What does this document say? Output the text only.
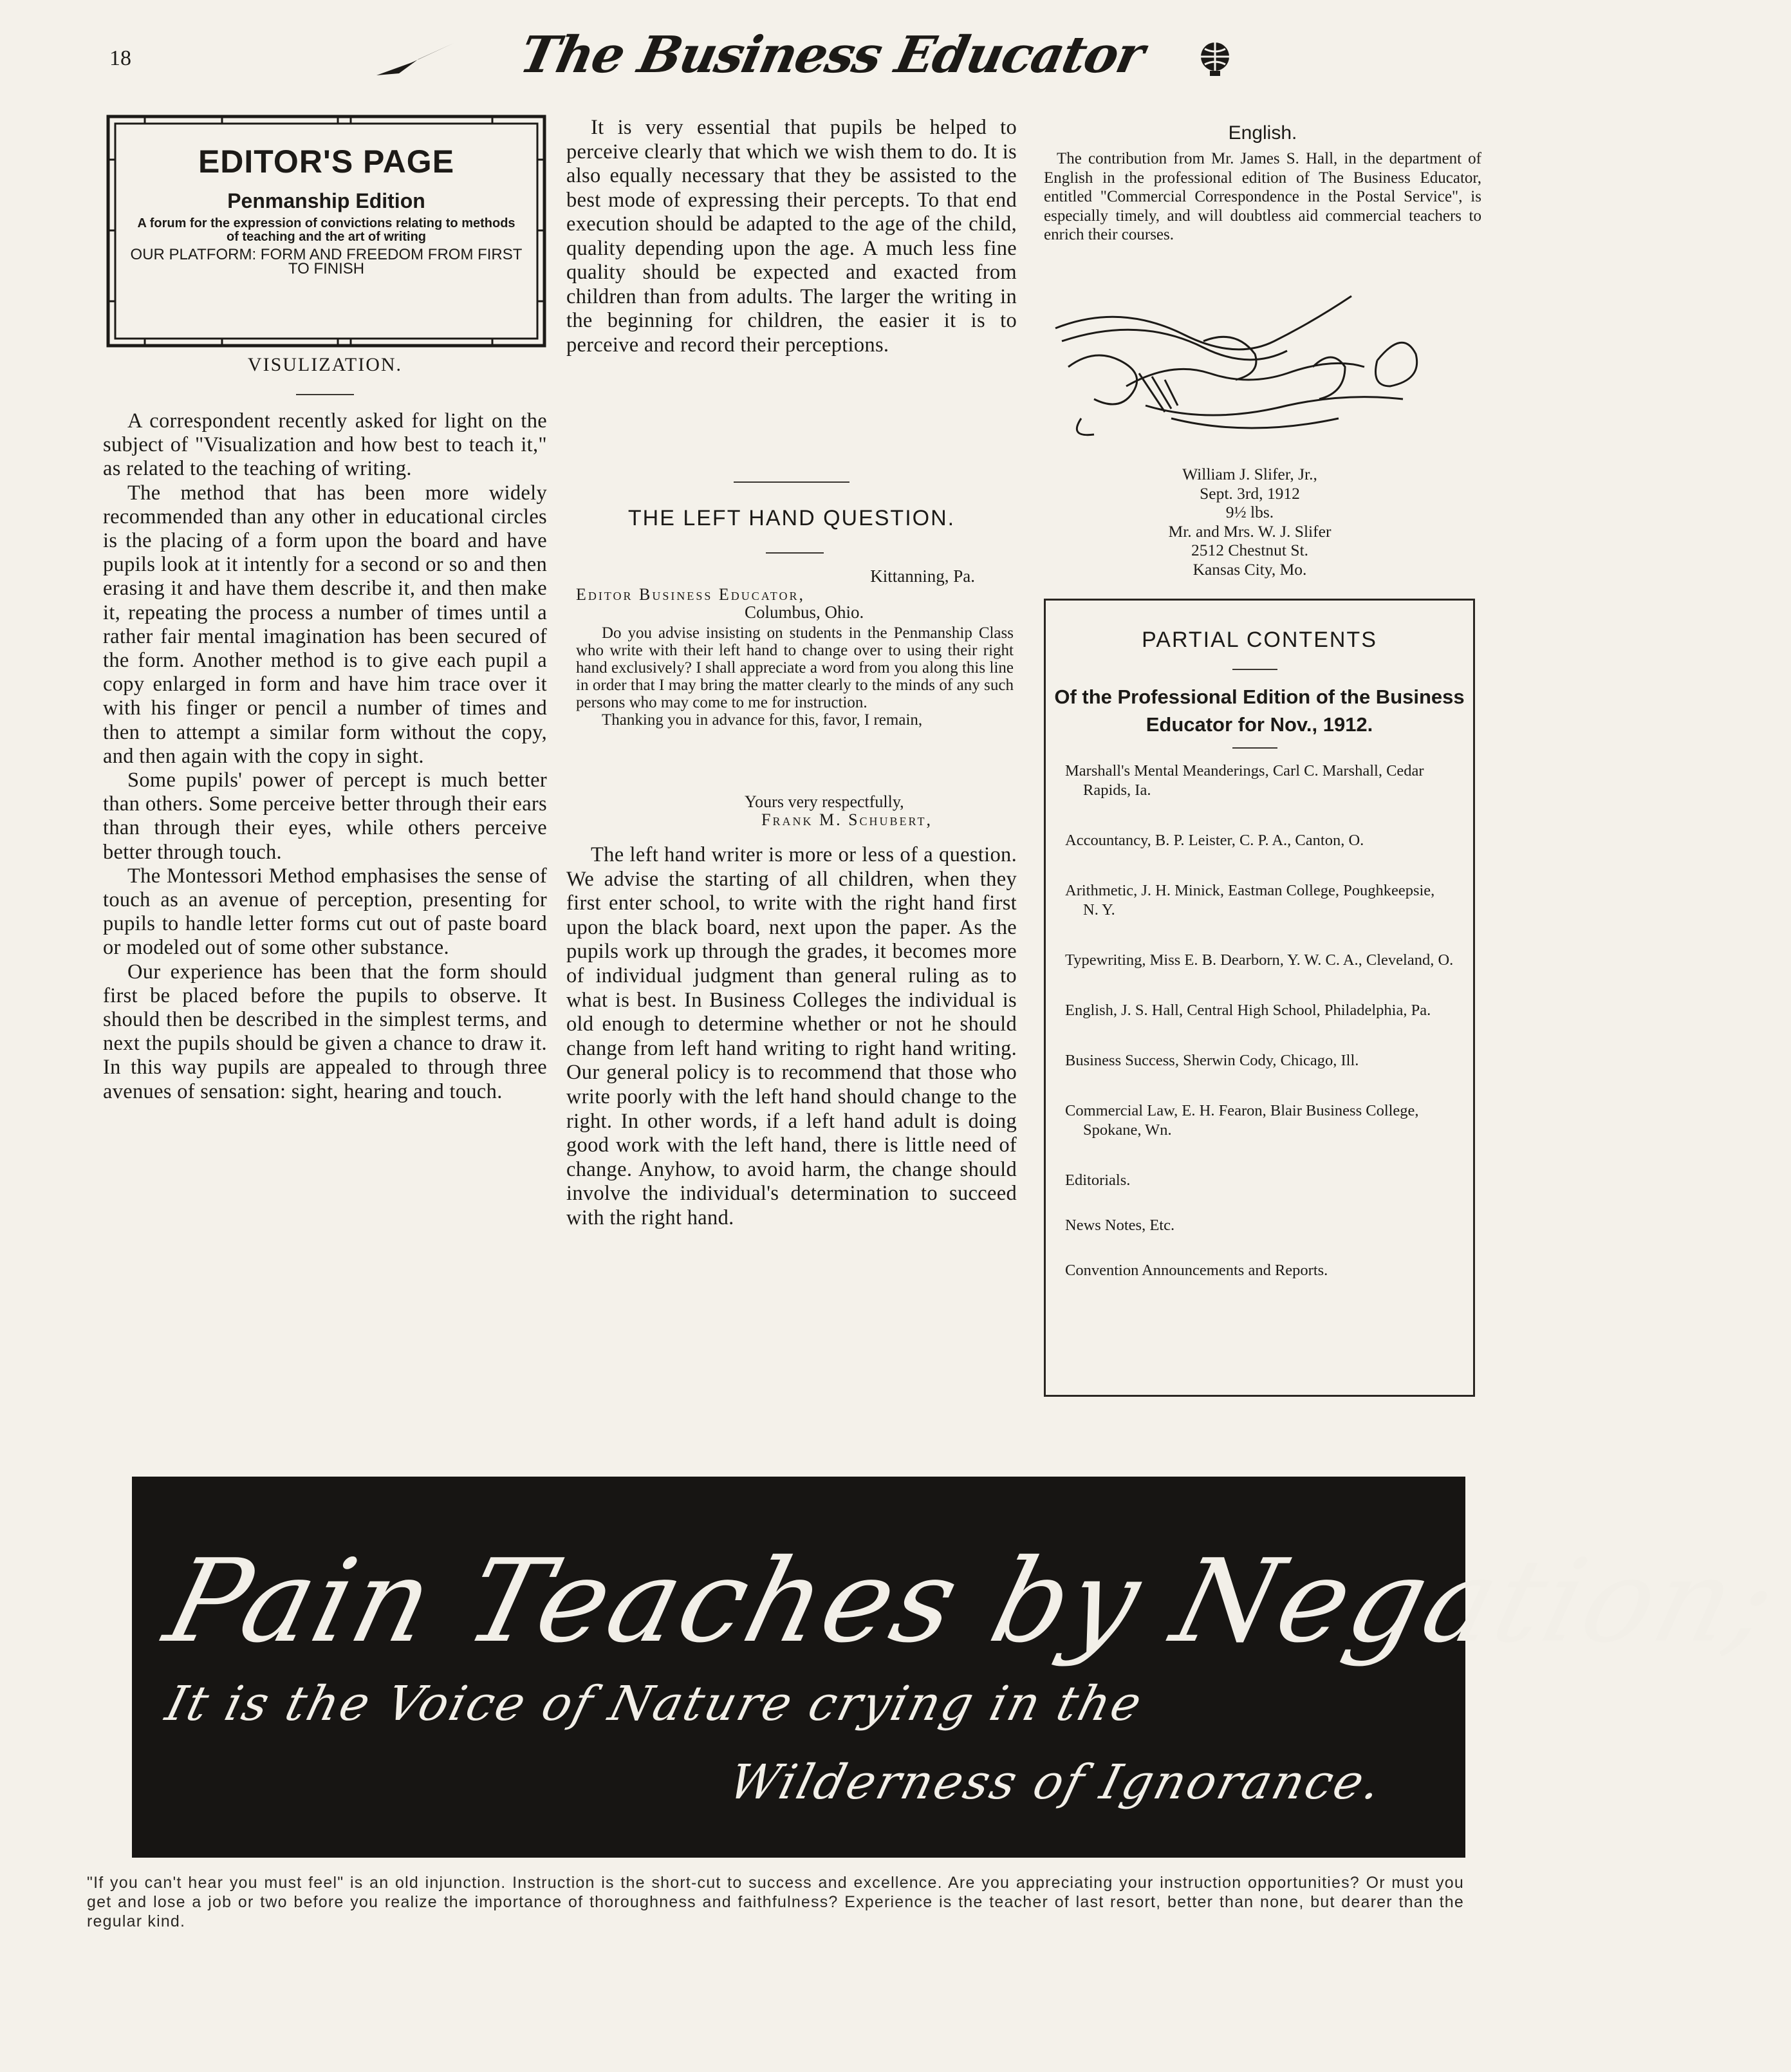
18	The Business Educator
EDITOR'S PAGE
Penmanship Edition
A forum for the expression of convictions relating to methods of teaching and the art of writing
OUR PLATFORM: FORM AND FREEDOM FROM FIRST TO FINISH
VISULIZATION.

A correspondent recently asked for light on the subject of "Visualization and how best to teach it," as related to the teaching of writing.

The method that has been more widely recommended than any other in educational circles is the placing of a form upon the board and have pupils look at it intently for a second or so and then erasing it and have them describe it, and then make it, repeating the process a number of times until a rather fair mental imagination has been secured of the form. Another method is to give each pupil a copy enlarged in form and have him trace over it with his finger or pencil a number of times and then to attempt a similar form without the copy, and then again with the copy in sight.

Some pupils' power of percept is much better than others. Some perceive better through their ears than through their eyes, while others perceive better through touch.

The Montessori Method emphasises the sense of touch as an avenue of perception, presenting for pupils to handle letter forms cut out of paste board or modeled out of some other substance.

Our experience has been that the form should first be placed before the pupils to observe. It should then be described in the simplest terms, and next the pupils should be given a chance to draw it. In this way pupils are appealed to through three avenues of sensation: sight, hearing and touch.

It is very essential that pupils be helped to perceive clearly that which we wish them to do. It is also equally necessary that they be assisted to the best mode of expressing their percepts. To that end execution should be adapted to the age of the child, quality depending upon the age. A much less fine quality should be expected and exacted from children than from adults. The larger the writing in the beginning for children, the easier it is to perceive and record their perceptions.

THE LEFT HAND QUESTION.
Kittanning, Pa.
Editor Business Educator,
Columbus, Ohio.

Do you advise insisting on students in the Penmanship Class who write with their left hand to change over to using their right hand exclusively? I shall appreciate a word from you along this line in order that I may bring the matter clearly to the minds of any such persons who may come to me for instruction.

Thanking you in advance for this, favor, I remain,

Yours very respectfully,
Frank M. Schubert,

The left hand writer is more or less of a question. We advise the starting of all children, when they first enter school, to write with the right hand first upon the black board, next upon the paper. As the pupils work up through the grades, it becomes more of individual judgment than general ruling as to what is best. In Business Colleges the individual is old enough to determine whether or not he should change from left hand writing to right hand writing. Our general policy is to recommend that those who write poorly with the left hand should change to the right. In other words, if a left hand adult is doing good work with the left hand, there is little need of change. Anyhow, to avoid harm, the change should involve the individual's determination to succeed with the right hand.

English.
The contribution from Mr. James S. Hall, in the department of English in the professional edition of The Business Educator, entitled "Commercial Correspondence in the Postal Service", is especially timely, and will doubtless aid commercial teachers to enrich their courses.
William J. Slifer, Jr.,
Sept. 3rd, 1912
9½ lbs.
Mr. and Mrs. W. J. Slifer
2512 Chestnut St.
Kansas City, Mo.
PARTIAL CONTENTS
Of the Professional Edition of the Business Educator for Nov., 1912.
Marshall's Mental Meanderings, Carl C. Marshall, Cedar Rapids, Ia.
Accountancy, B. P. Leister, C. P. A., Canton, O.
Arithmetic, J. H. Minick, Eastman College, Poughkeepsie, N. Y.
Typewriting, Miss E. B. Dearborn, Y. W. C. A., Cleveland, O.
English, J. S. Hall, Central High School, Philadelphia, Pa.
Business Success, Sherwin Cody, Chicago, Ill.
Commercial Law, E. H. Fearon, Blair Business College, Spokane, Wn.
Editorials.
News Notes, Etc.
Convention Announcements and Reports.
Pain Teaches by Negation;
It is the Voice of Nature crying in the
Wilderness of Ignorance.
"If you can't hear you must feel" is an old injunction. Instruction is the short-cut to success and excellence. Are you appreciating your instruction opportunities? Or must you get and lose a job or two before you realize the importance of thoroughness and faithfulness? Experience is the teacher of last resort, better than none, but dearer than the regular kind.
